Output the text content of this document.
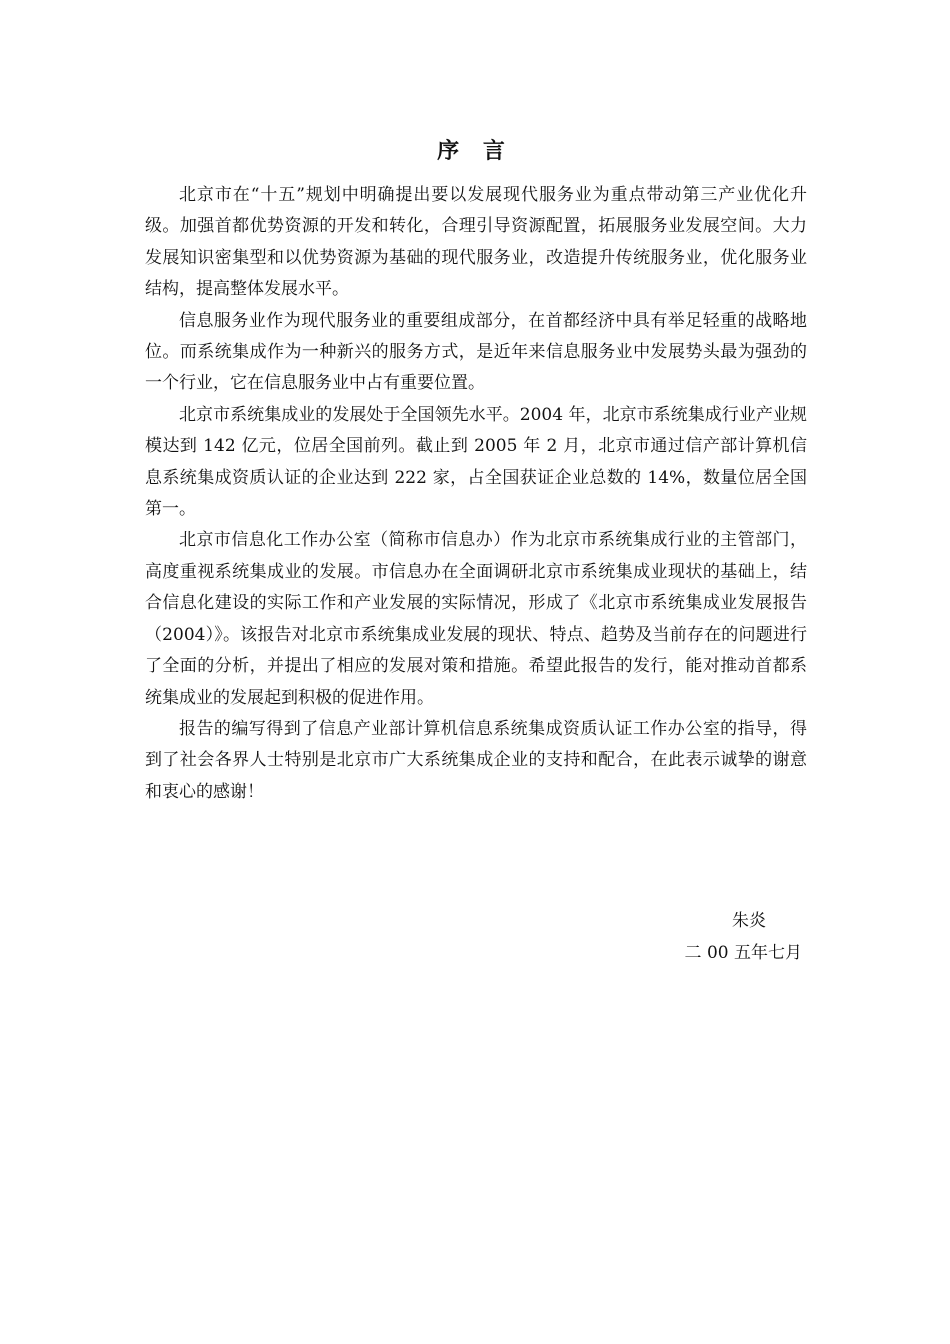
序 言

北京市在“十五”规划中明确提出要以发展现代服务业为重点带动第三产业优化升级。加强首都优势资源的开发和转化，合理引导资源配置，拓展服务业发展空间。大力发展知识密集型和以优势资源为基础的现代服务业，改造提升传统服务业，优化服务业结构，提高整体发展水平。

信息服务业作为现代服务业的重要组成部分，在首都经济中具有举足轻重的战略地位。而系统集成作为一种新兴的服务方式，是近年来信息服务业中发展势头最为强劲的一个行业，它在信息服务业中占有重要位置。

北京市系统集成业的发展处于全国领先水平。2004 年，北京市系统集成行业产业规模达到 142 亿元，位居全国前列。截止到 2005 年 2 月，北京市通过信产部计算机信息系统集成资质认证的企业达到 222 家，占全国获证企业总数的 14%，数量位居全国第一。

北京市信息化工作办公室（简称市信息办）作为北京市系统集成行业的主管部门，高度重视系统集成业的发展。市信息办在全面调研北京市系统集成业现状的基础上，结合信息化建设的实际工作和产业发展的实际情况，形成了《北京市系统集成业发展报告（2004）》。该报告对北京市系统集成业发展的现状、特点、趋势及当前存在的问题进行了全面的分析，并提出了相应的发展对策和措施。希望此报告的发行，能对推动首都系统集成业的发展起到积极的促进作用。

报告的编写得到了信息产业部计算机信息系统集成资质认证工作办公室的指导，得到了社会各界人士特别是北京市广大系统集成企业的支持和配合，在此表示诚挚的谢意和衷心的感谢！

朱炎
二 00 五年七月
